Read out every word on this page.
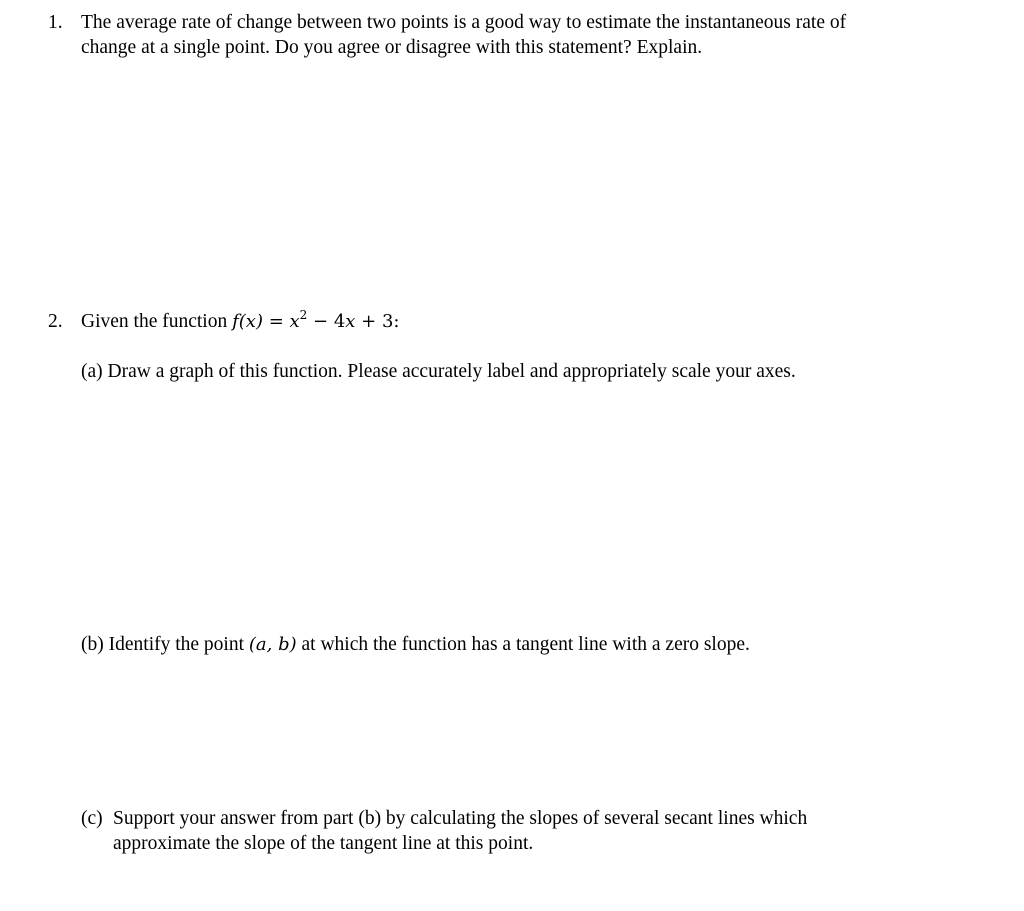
1. The average rate of change between two points is a good way to estimate the instantaneous rate of
change at a single point. Do you agree or disagree with this statement? Explain.
2. Given the function $f(x) = x^2 - 4x + 3$:
(a) Draw a graph of this function. Please accurately label and appropriately scale your axes.
(b) Identify the point (a, b) at which the function has a tangent line with a zero slope.
(c) Support your answer from part (b) by calculating the slopes of several secant lines which
approximate the slope of the tangent line at this point.
